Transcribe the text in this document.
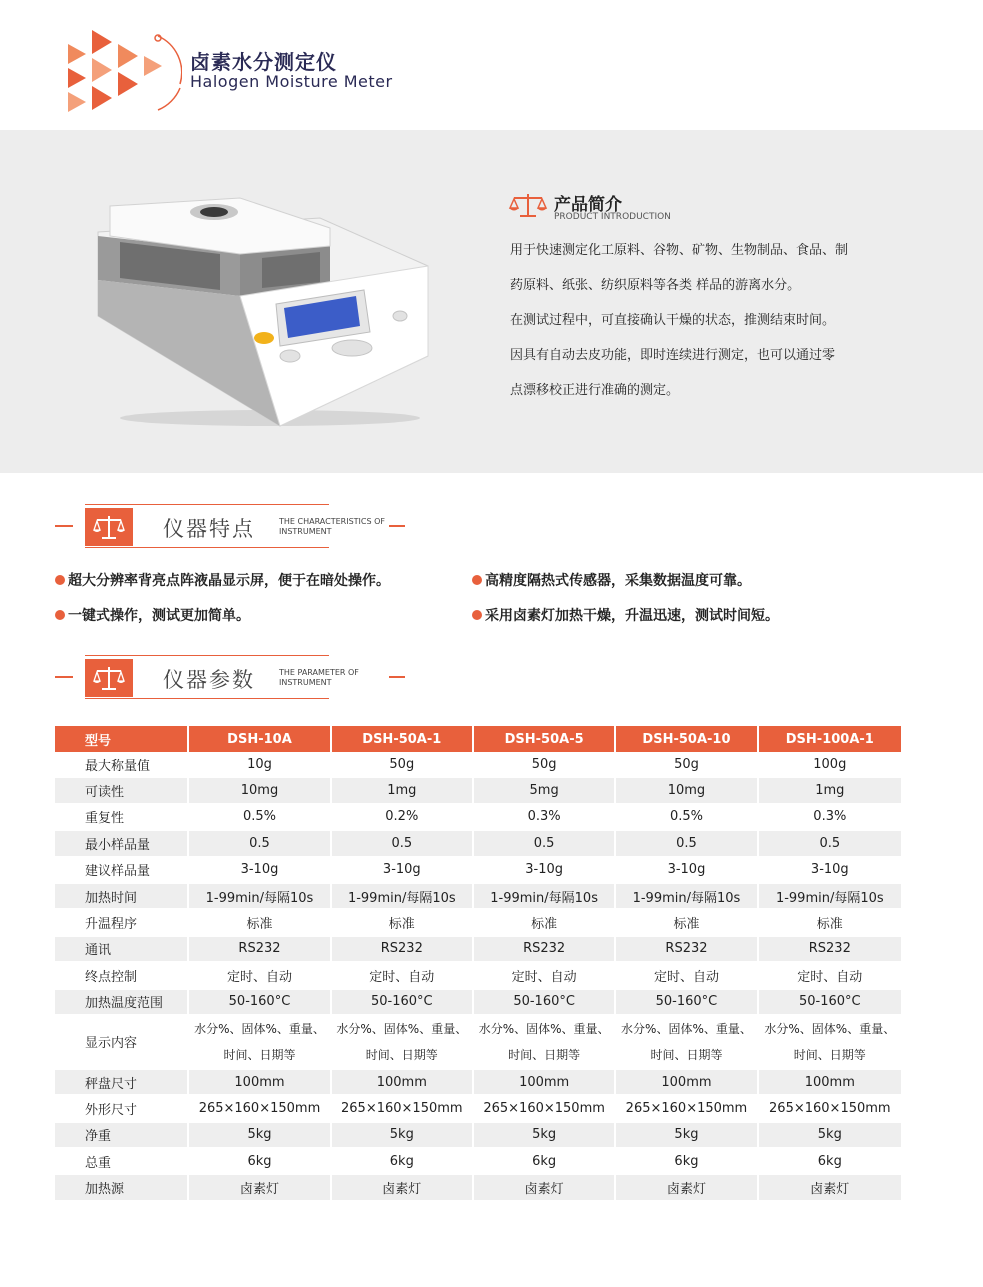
卤素水分测定仪
Halogen Moisture Meter
产品简介
PRODUCT INTRODUCTION

用于快速测定化工原料、谷物、矿物、生物制品、食品、制

药原料、纸张、纺织原料等各类 样品的游离水分。

在测试过程中，可直接确认干燥的状态，推测结束时间。

因具有自动去皮功能，即时连续进行测定，也可以通过零

点漂移校正进行准确的测定。

仪器特点	THE CHARACTERISTICS OF
INSTRUMENT
超大分辨率背亮点阵液晶显示屏，便于在暗处操作。	高精度隔热式传感器，采集数据温度可靠。
一键式操作，测试更加简单。	采用卤素灯加热干燥，升温迅速，测试时间短。
仪器参数	THE PARAMETER OF
INSTRUMENT
型号	DSH-10A	DSH-50A-1	DSH-50A-5	DSH-50A-10	DSH-100A-1
最大称量值	10g	50g	50g	50g	100g
可读性	10mg	1mg	5mg	10mg	1mg
重复性	0.5%	0.2%	0.3%	0.5%	0.3%
最小样品量	0.5	0.5	0.5	0.5	0.5
建议样品量	3-10g	3-10g	3-10g	3-10g	3-10g
加热时间	1-99min/每隔10s	1-99min/每隔10s	1-99min/每隔10s	1-99min/每隔10s	1-99min/每隔10s
升温程序	标准	标准	标准	标准	标准
通讯	RS232	RS232	RS232	RS232	RS232
终点控制	定时、自动	定时、自动	定时、自动	定时、自动	定时、自动
加热温度范围	50-160°C	50-160°C	50-160°C	50-160°C	50-160°C
显示内容	水分%、固体%、重量、时间、日期等	水分%、固体%、重量、时间、日期等	水分%、固体%、重量、时间、日期等	水分%、固体%、重量、时间、日期等	水分%、固体%、重量、时间、日期等
秤盘尺寸	100mm	100mm	100mm	100mm	100mm
外形尺寸	265×160×150mm	265×160×150mm	265×160×150mm	265×160×150mm	265×160×150mm
净重	5kg	5kg	5kg	5kg	5kg
总重	6kg	6kg	6kg	6kg	6kg
加热源	卤素灯	卤素灯	卤素灯	卤素灯	卤素灯
